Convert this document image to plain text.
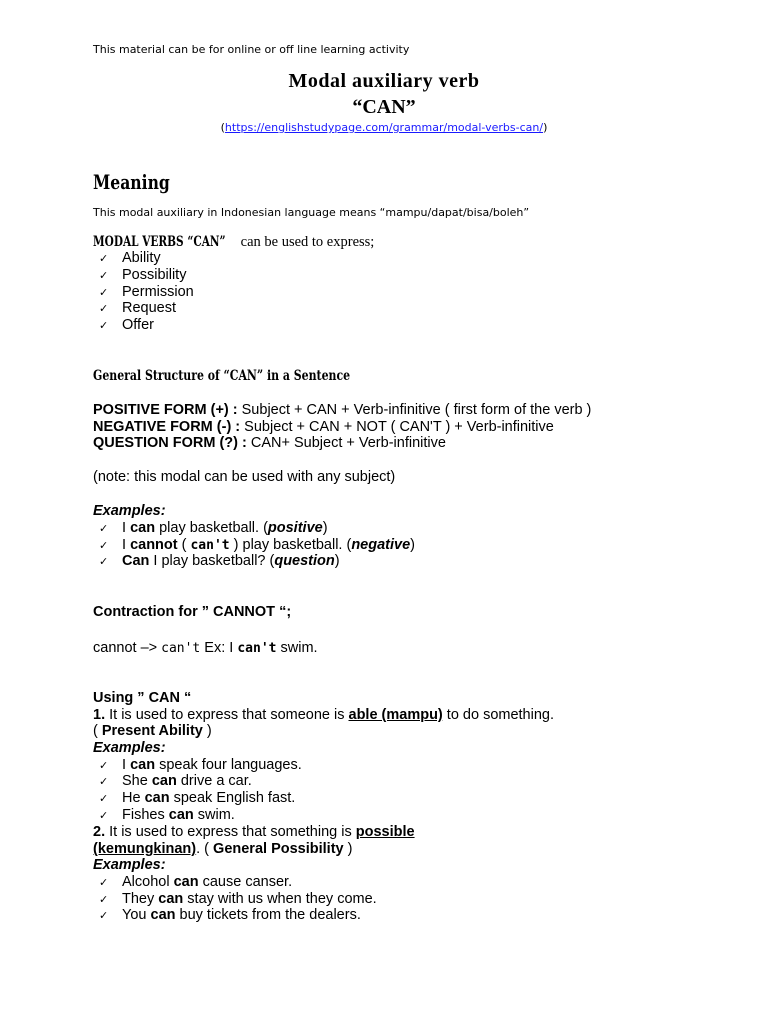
This material can be for online or off line learning activity
Modal auxiliary verb
“CAN”
(https://englishstudypage.com/grammar/modal-verbs-can/)
Meaning
This modal auxiliary in Indonesian language means “mampu/dapat/bisa/boleh”
MODAL VERBS “CAN” can be used to express;
✓ Ability
✓ Possibility
✓ Permission
✓ Request
✓ Offer
General Structure of “CAN” in a Sentence
POSITIVE FORM (+) : Subject + CAN + Verb-infinitive ( first form of the verb )
NEGATIVE FORM (-) : Subject + CAN + NOT ( CAN'T ) + Verb-infinitive
QUESTION FORM (?) : CAN+ Subject + Verb-infinitive
(note: this modal can be used with any subject)
Examples:
✓ I can play basketball. (positive)
✓ I cannot ( can't ) play basketball. (negative)
✓ Can I play basketball? (question)
Contraction for ” CANNOT “;
cannot –> can't Ex: I can't swim.
Using ” CAN “
1. It is used to express that someone is able (mampu) to do something.
( Present Ability )
Examples:
✓ I can speak four languages.
✓ She can drive a car.
✓ He can speak English fast.
✓ Fishes can swim.
2. It is used to express that something is possible
(kemungkinan). ( General Possibility )
Examples:
✓ Alcohol can cause canser.
✓ They can stay with us when they come.
✓ You can buy tickets from the dealers.
